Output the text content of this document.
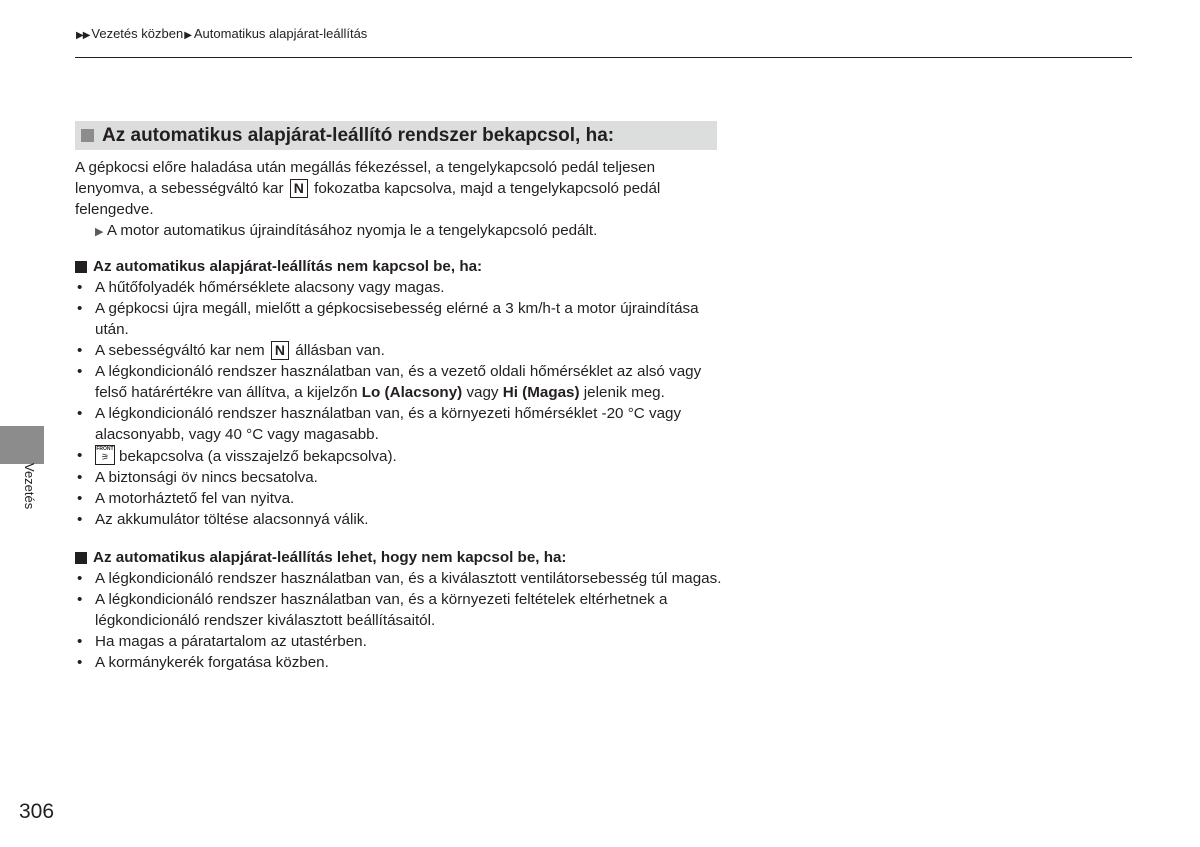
▶▶ Vezetés közben▶ Automatikus alapjárat-leállítás
Az automatikus alapjárat-leállító rendszer bekapcsol, ha:

A gépkocsi előre haladása után megállás fékezéssel, a tengelykapcsoló pedál teljesen lenyomva, a sebességváltó kar N fokozatba kapcsolva, majd a tengelykapcsoló pedál felengedve.

▶ A motor automatikus újraindításához nyomja le a tengelykapcsoló pedált.

Az automatikus alapjárat-leállítás nem kapcsol be, ha:

• A hűtőfolyadék hőmérséklete alacsony vagy magas.
• A gépkocsi újra megáll, mielőtt a gépkocsisebesség elérné a 3 km/h-t a motor újraindítása után.
• A sebességváltó kar nem N állásban van.
• A légkondicionáló rendszer használatban van, és a vezető oldali hőmérséklet az alsó vagy felső határértékre van állítva, a kijelzőn Lo (Alacsony) vagy Hi (Magas) jelenik meg.
• A légkondicionáló rendszer használatban van, és a környezeti hőmérséklet -20 °C vagy alacsonyabb, vagy 40 °C vagy magasabb.
•	FRONT
⚞ bekapcsolva (a visszajelző bekapcsolva).
• A biztonsági öv nincs becsatolva.
• A motorháztető fel van nyitva.
• Az akkumulátor töltése alacsonnyá válik.

Az automatikus alapjárat-leállítás lehet, hogy nem kapcsol be, ha:

• A légkondicionáló rendszer használatban van, és a kiválasztott ventilátorsebesség túl magas.
• A légkondicionáló rendszer használatban van, és a környezeti feltételek eltérhetnek a légkondicionáló rendszer kiválasztott beállításaitól.
• Ha magas a páratartalom az utastérben.
• A kormánykerék forgatása közben.
Vezetés
306
